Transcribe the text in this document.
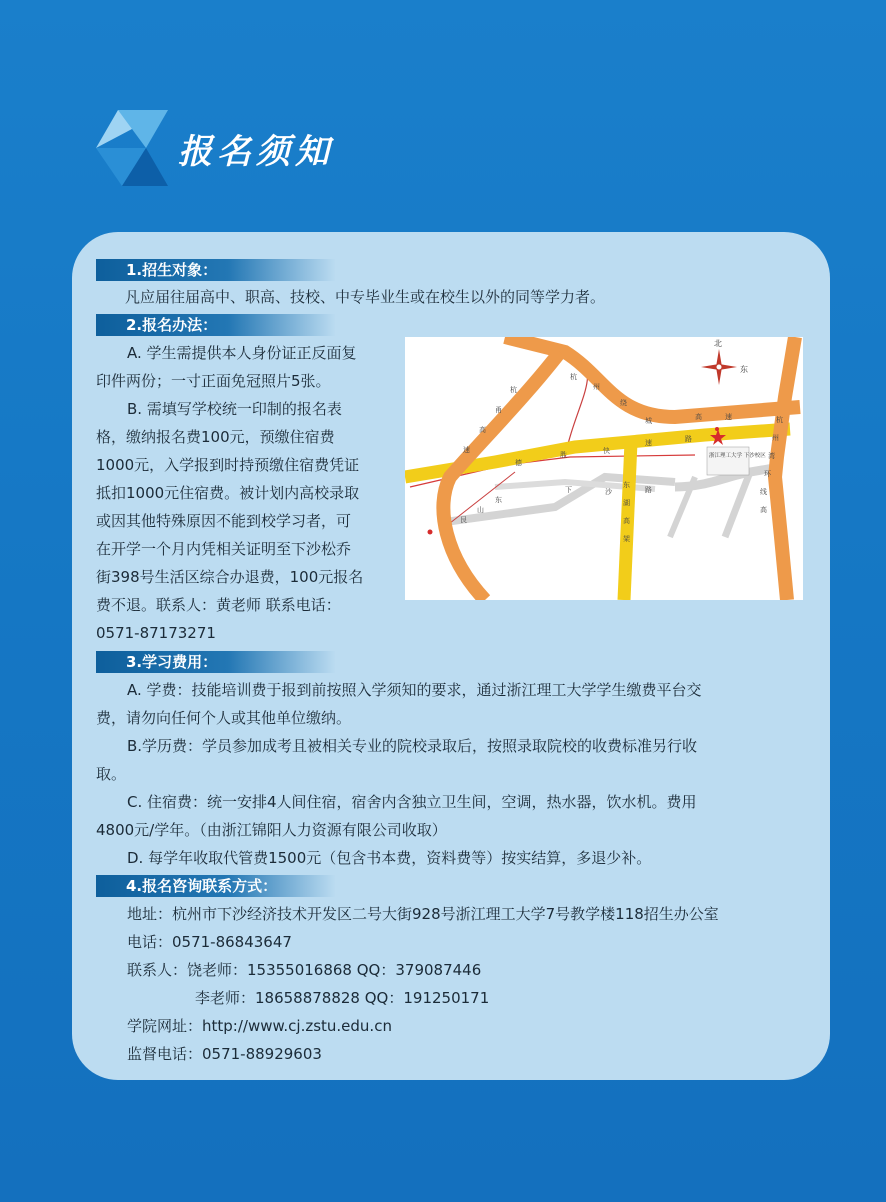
报名须知
1.招生对象：
凡应届往届高中、职高、技校、中专毕业生或在校生以外的同等学力者。
2.报名办法：
A. 学生需提供本人身份证正反面复
印件两份；一寸正面免冠照片5张。
B. 需填写学校统一印制的报名表
格，缴纳报名费100元，预缴住宿费
1000元，入学报到时持预缴住宿费凭证
抵扣1000元住宿费。被计划内高校录取
或因其他特殊原因不能到校学习者，可
在开学一个月内凭相关证明至下沙松乔
街398号生活区综合办退费，100元报名
费不退。联系人：黄老师 联系电话：
0571-87173271
北
东
浙江理工大学 下沙校区
杭
州
绕
城	高	速
杭
甬
高
速
杭
州
湾
环
线
高
德
胜	快
速	路
东
湖
高
架
下	沙	路
艮
山
东
3.学习费用：
A. 学费：技能培训费于报到前按照入学须知的要求，通过浙江理工大学学生缴费平台交
费，请勿向任何个人或其他单位缴纳。
B.学历费：学员参加成考且被相关专业的院校录取后，按照录取院校的收费标准另行收
取。
C. 住宿费：统一安排4人间住宿，宿舍内含独立卫生间，空调，热水器，饮水机。费用
4800元/学年。（由浙江锦阳人力资源有限公司收取）
D. 每学年收取代管费1500元（包含书本费，资料费等）按实结算，多退少补。
4.报名咨询联系方式：
地址：杭州市下沙经济技术开发区二号大街928号浙江理工大学7号教学楼118招生办公室
电话：0571-86843647
联系人：饶老师：15355016868 QQ：379087446
李老师：18658878828 QQ：191250171
学院网址：http://www.cj.zstu.edu.cn
监督电话：0571-88929603
